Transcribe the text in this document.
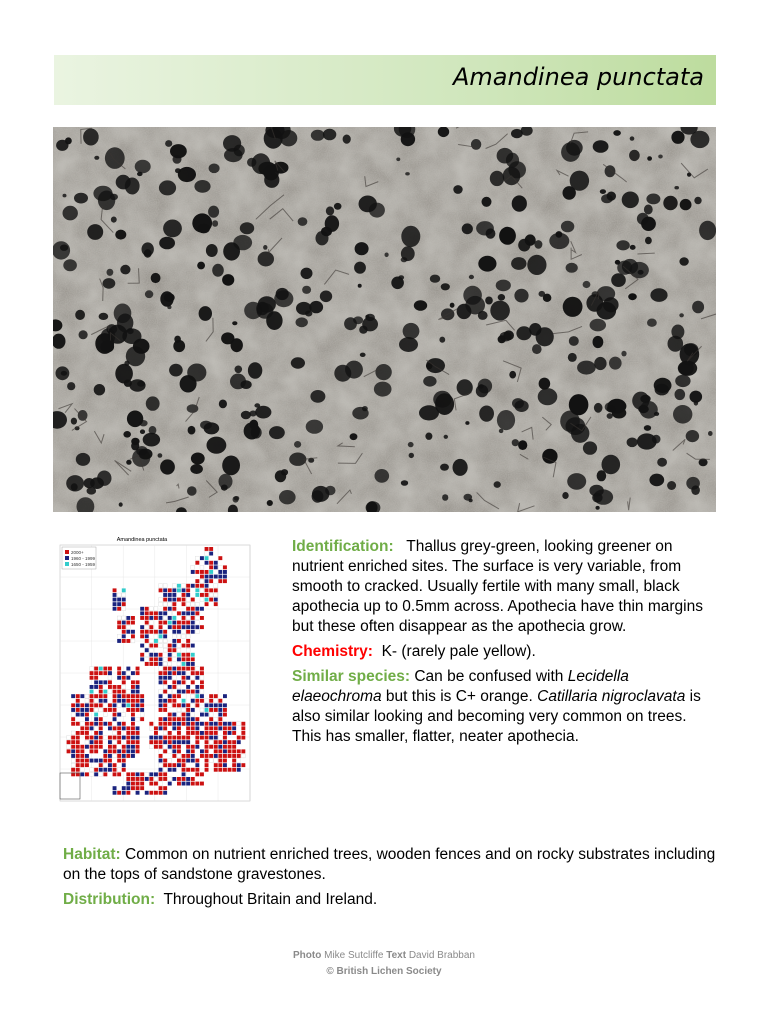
Amandinea punctata
Amandinea punctata
2000+
1960 - 1999
1650 - 1959

Identification: Thallus grey-green, looking greener on nutrient enriched sites. The surface is very variable, from smooth to cracked. Usually fertile with many small, black apothecia up to 0.5mm across. Apothecia have thin margins but these often disappear as the apothecia grow.

Chemistry: K- (rarely pale yellow).

Similar species: Can be confused with Lecidella elaeochroma but this is C+ orange. Catillaria nigroclavata is also similar looking and becoming very common on trees. This has smaller, flatter, neater apothecia.

Habitat: Common on nutrient enriched trees, wooden fences and on rocky substrates including on the tops of sandstone gravestones.

Distribution: Throughout Britain and Ireland.

Photo Mike Sutcliffe Text David Brabban
© British Lichen Society
